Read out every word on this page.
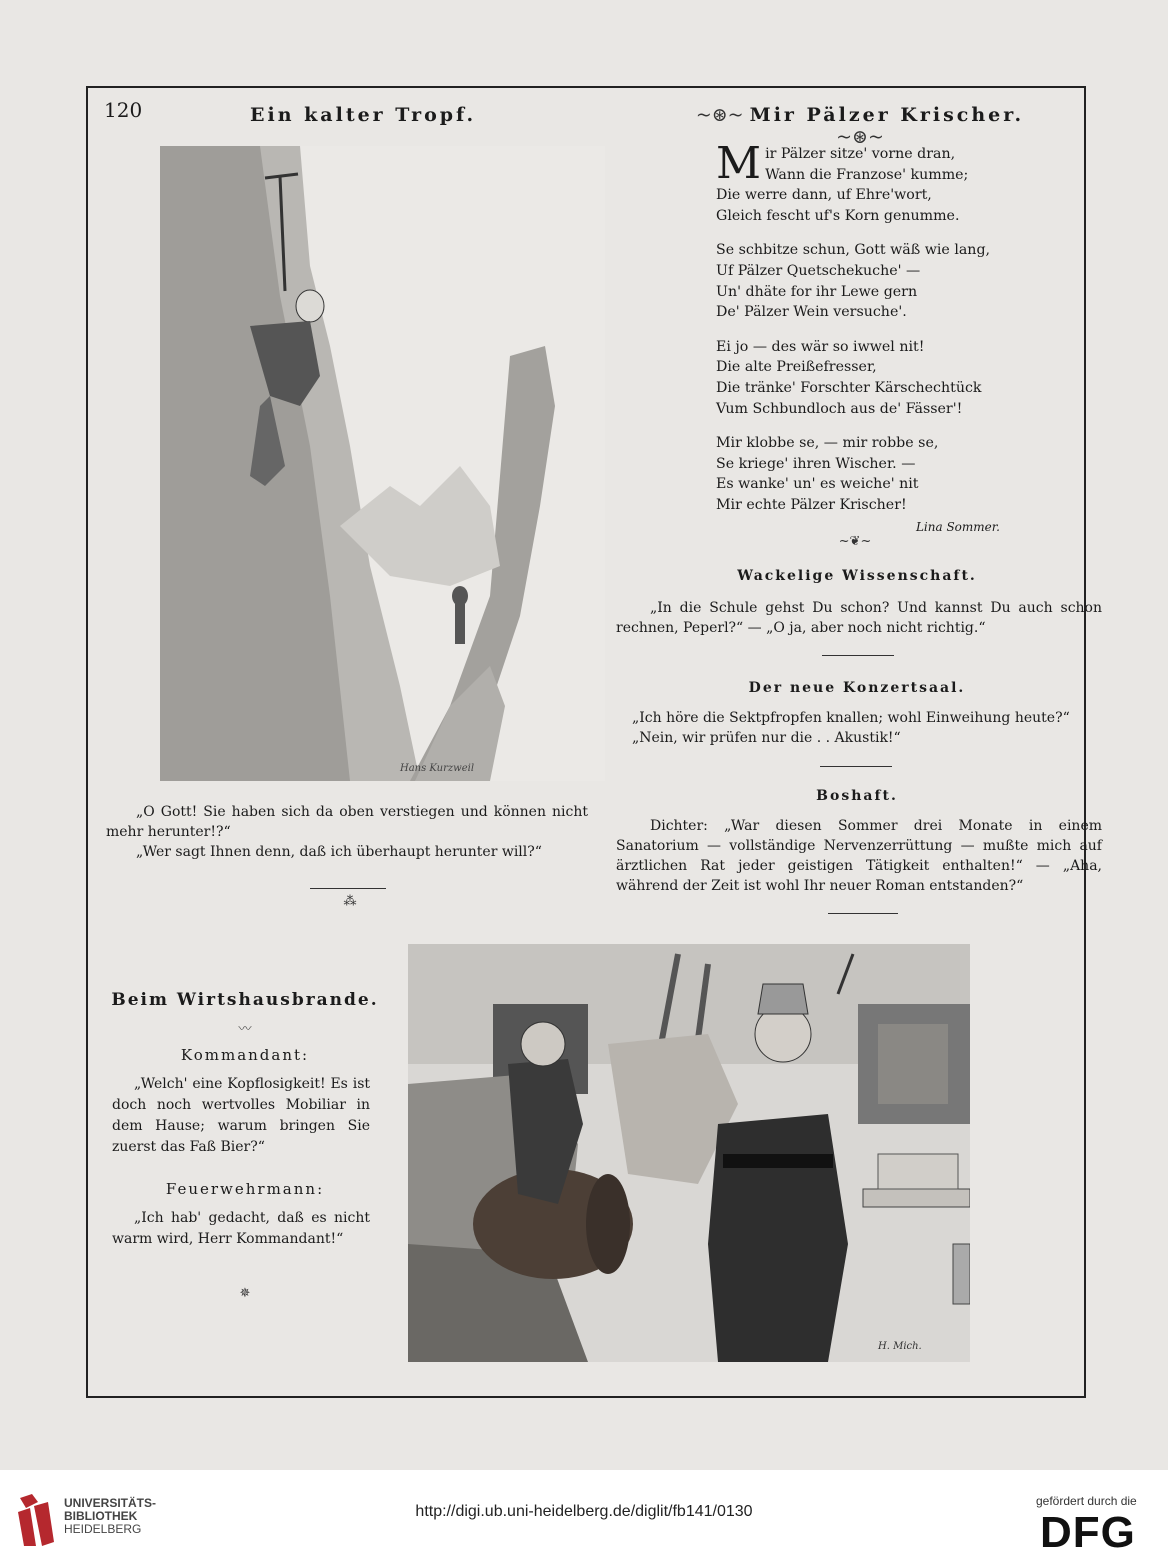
120	Ein kalter Tropf.	~⊛~ Mir Pälzer Krischer. ~⊛~
Hans Kurzweil
„O Gott! Sie haben sich da oben verstiegen und können nicht mehr herunter!?“
„Wer sagt Ihnen denn, daß ich überhaupt herunter will?“
⁂
M ir Pälzer sitze' vorne dran,
Wann die Franzose' kumme;
Die werre dann, uf Ehre'wort,
Gleich fescht uf's Korn genumme.
Se schbitze schun, Gott wäß wie lang,
Uf Pälzer Quetschekuche' —
Un' dhäte for ihr Lewe gern
De' Pälzer Wein versuche'.
Ei jo — des wär so iwwel nit!
Die alte Preißefresser,
Die tränke' Forschter Kärschechtück
Vum Schbundloch aus de' Fässer'!
Mir klobbe se, — mir robbe se,
Se kriege' ihren Wischer. —
Es wanke' un' es weiche' nit
Mir echte Pälzer Krischer!
Lina Sommer.
~❦~
Wackelige Wissenschaft.
„In die Schule gehst Du schon? Und kannst Du auch schon rechnen, Peperl?“ — „O ja, aber noch nicht richtig.“
Der neue Konzertsaal.
„Ich höre die Sektpfropfen knallen; wohl Einweihung heute?“
„Nein, wir prüfen nur die . . Akustik!“
Boshaft.
Dichter: „War diesen Sommer drei Monate in einem Sanatorium — vollständige Nervenzerrüttung — mußte mich auf ärztlichen Rat jeder geistigen Tätigkeit enthalten!“ — „Aha, während der Zeit ist wohl Ihr neuer Roman entstanden?“
Beim Wirtshausbrande.
〰
Kommandant:
„Welch' eine Kopflosigkeit! Es ist doch noch wertvolles Mobiliar in dem Hause; warum bringen Sie zuerst das Faß Bier?“
Feuerwehrmann:
„Ich hab' gedacht, daß es nicht warm wird, Herr Kommandant!“
✵
H. Mich.
UNIVERSITÄTS-
BIBLIOTHEK
HEIDELBERG
http://digi.ub.uni-heidelberg.de/diglit/fb141/0130
gefördert durch die
DFG
